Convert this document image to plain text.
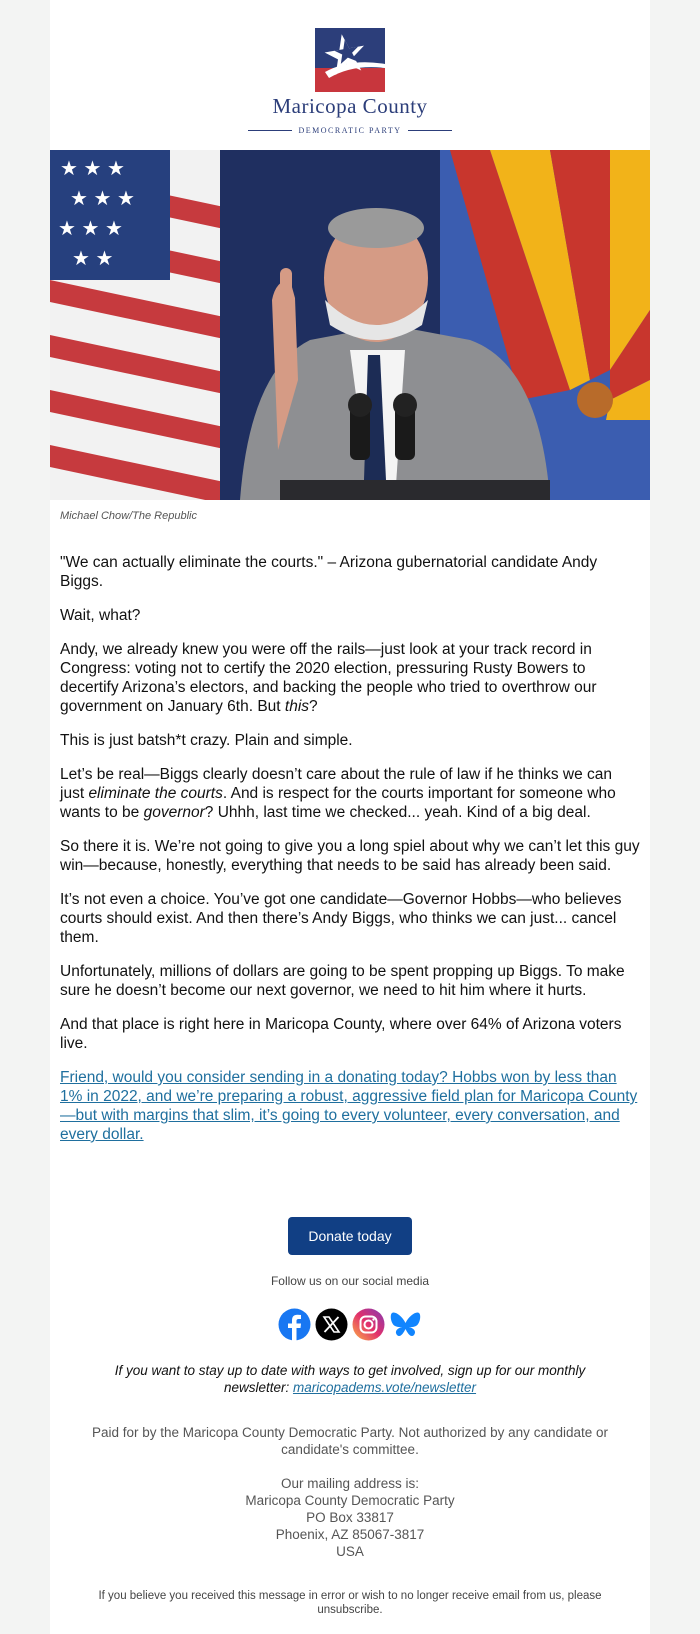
Maricopa County
DEMOCRATIC PARTY
★ ★ ★
★ ★ ★
★ ★ ★
★ ★
Michael Chow/The Republic

"We can actually eliminate the courts." – Arizona gubernatorial candidate Andy Biggs.

Wait, what?

Andy, we already knew you were off the rails—just look at your track record in Congress: voting not to certify the 2020 election, pressuring Rusty Bowers to decertify Arizona’s electors, and backing the people who tried to overthrow our government on January 6th. But this?

This is just batsh*t crazy. Plain and simple.

Let’s be real—Biggs clearly doesn’t care about the rule of law if he thinks we can just eliminate the courts. And is respect for the courts important for someone who wants to be governor? Uhhh, last time we checked... yeah. Kind of a big deal.

So there it is. We’re not going to give you a long spiel about why we can’t let this guy win—because, honestly, everything that needs to be said has already been said.

It’s not even a choice. You’ve got one candidate—Governor Hobbs—who believes courts should exist. And then there’s Andy Biggs, who thinks we can just... cancel them.

Unfortunately, millions of dollars are going to be spent propping up Biggs. To make sure he doesn’t become our next governor, we need to hit him where it hurts.

And that place is right here in Maricopa County, where over 64% of Arizona voters live.

Friend, would you consider sending in a donating today? Hobbs won by less than 1% in 2022, and we’re preparing a robust, aggressive field plan for Maricopa County—but with margins that slim, it’s going to every volunteer, every conversation, and every dollar.

Donate today
Follow us on our social media
If you want to stay up to date with ways to get involved, sign up for our monthly newsletter: maricopadems.vote/newsletter

Paid for by the Maricopa County Democratic Party. Not authorized by any candidate or candidate's committee.

Our mailing address is:
Maricopa County Democratic Party
PO Box 33817
Phoenix, AZ 85067-3817
USA
If you believe you received this message in error or wish to no longer receive email from us, please unsubscribe.
